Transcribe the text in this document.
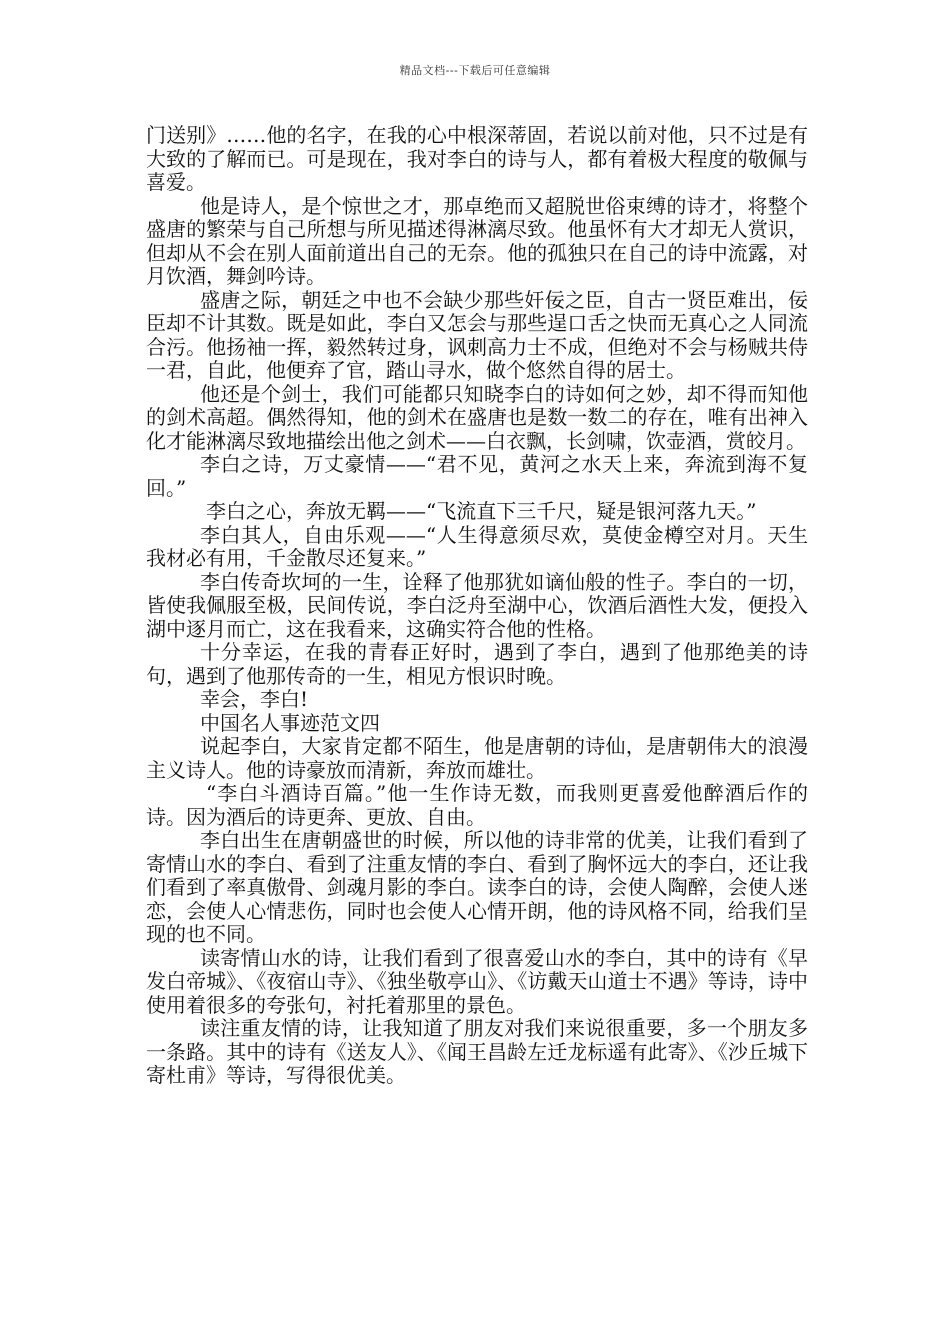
精品文档---下载后可任意编辑

门送别》……他的名字，在我的心中根深蒂固，若说以前对他，只不过是有大致的了解而已。可是现在，我对李白的诗与人，都有着极大程度的敬佩与喜爱。

他是诗人，是个惊世之才，那卓绝而又超脱世俗束缚的诗才，将整个盛唐的繁荣与自己所想与所见描述得淋漓尽致。他虽怀有大才却无人赏识，但却从不会在别人面前道出自己的无奈。他的孤独只在自己的诗中流露，对月饮酒，舞剑吟诗。

盛唐之际，朝廷之中也不会缺少那些奸佞之臣，自古一贤臣难出，佞臣却不计其数。既是如此，李白又怎会与那些逞口舌之快而无真心之人同流合污。他扬袖一挥，毅然转过身，讽刺高力士不成，但绝对不会与杨贼共侍一君，自此，他便弃了官，踏山寻水，做个悠然自得的居士。

他还是个剑士，我们可能都只知晓李白的诗如何之妙，却不得而知他的剑术高超。偶然得知，他的剑术在盛唐也是数一数二的存在，唯有出神入化才能淋漓尽致地描绘出他之剑术——白衣飘，长剑啸，饮壶酒，赏皎月。

李白之诗，万丈豪情——“君不见，黄河之水天上来，奔流到海不复回。”

李白之心，奔放无羁——“飞流直下三千尺，疑是银河落九天。”

李白其人，自由乐观——“人生得意须尽欢，莫使金樽空对月。天生我材必有用，千金散尽还复来。”

李白传奇坎坷的一生，诠释了他那犹如谪仙般的性子。李白的一切，皆使我佩服至极，民间传说，李白泛舟至湖中心，饮酒后酒性大发，便投入湖中逐月而亡，这在我看来，这确实符合他的性格。

十分幸运，在我的青春正好时，遇到了李白，遇到了他那绝美的诗句，遇到了他那传奇的一生，相见方恨识时晚。

幸会，李白!

中国名人事迹范文四

说起李白，大家肯定都不陌生，他是唐朝的诗仙，是唐朝伟大的浪漫主义诗人。他的诗豪放而清新，奔放而雄壮。

“李白斗酒诗百篇。”他一生作诗无数，而我则更喜爱他醉酒后作的诗。因为酒后的诗更奔、更放、自由。

李白出生在唐朝盛世的时候，所以他的诗非常的优美，让我们看到了寄情山水的李白、看到了注重友情的李白、看到了胸怀远大的李白，还让我们看到了率真傲骨、剑魂月影的李白。读李白的诗，会使人陶醉，会使人迷恋，会使人心情悲伤，同时也会使人心情开朗，他的诗风格不同，给我们呈现的也不同。

读寄情山水的诗，让我们看到了很喜爱山水的李白，其中的诗有《早发白帝城》、《夜宿山寺》、《独坐敬亭山》、《访戴天山道士不遇》等诗，诗中使用着很多的夸张句，衬托着那里的景色。

读注重友情的诗，让我知道了朋友对我们来说很重要，多一个朋友多一条路。其中的诗有《送友人》、《闻王昌龄左迁龙标遥有此寄》、《沙丘城下寄杜甫》等诗，写得很优美。
